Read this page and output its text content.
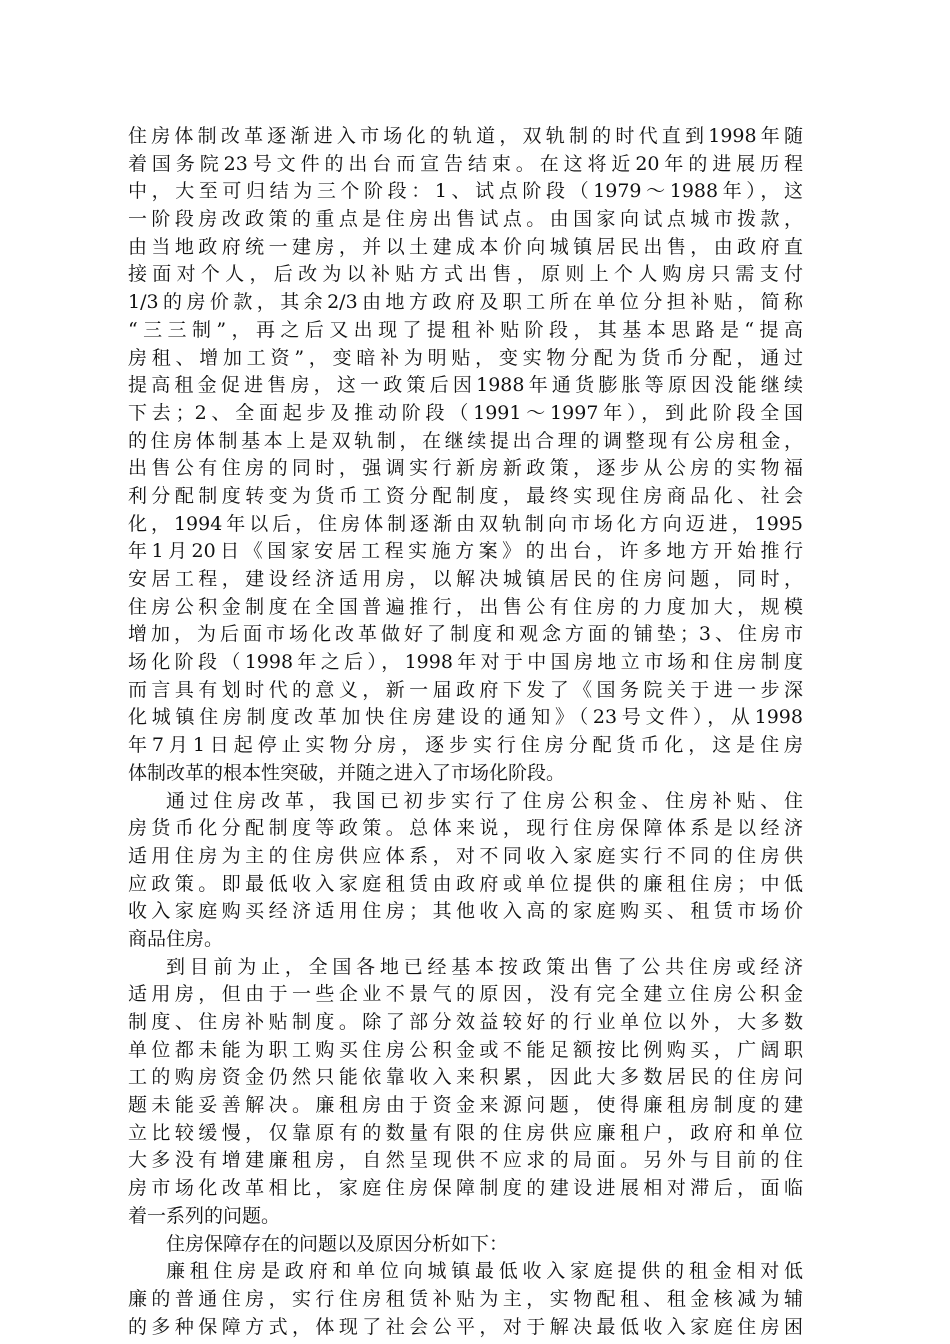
住房体制改革逐渐进入市场化的轨道，双轨制的时代直到1998年随
着国务院23号文件的出台而宣告结束。在这将近20年的进展历程
中，大至可归结为三个阶段：1、试点阶段（1979～1988年），这
一阶段房改政策的重点是住房出售试点。由国家向试点城市拨款，
由当地政府统一建房，并以土建成本价向城镇居民出售，由政府直
接面对个人，后改为以补贴方式出售，原则上个人购房只需支付
1/3的房价款，其余2/3由地方政府及职工所在单位分担补贴，简称
“三三制”，再之后又出现了提租补贴阶段，其基本思路是“提高
房租、增加工资”，变暗补为明贴，变实物分配为货币分配，通过
提高租金促进售房，这一政策后因1988年通货膨胀等原因没能继续
下去；2、全面起步及推动阶段（1991～1997年），到此阶段全国
的住房体制基本上是双轨制，在继续提出合理的调整现有公房租金，
出售公有住房的同时，强调实行新房新政策，逐步从公房的实物福
利分配制度转变为货币工资分配制度，最终实现住房商品化、社会
化，1994年以后，住房体制逐渐由双轨制向市场化方向迈进，1995
年1月20日《国家安居工程实施方案》的出台，许多地方开始推行
安居工程，建设经济适用房，以解决城镇居民的住房问题，同时，
住房公积金制度在全国普遍推行，出售公有住房的力度加大，规模
增加，为后面市场化改革做好了制度和观念方面的铺垫；3、住房市
场化阶段（1998年之后），1998年对于中国房地立市场和住房制度
而言具有划时代的意义，新一届政府下发了《国务院关于进一步深
化城镇住房制度改革加快住房建设的通知》（23号文件），从1998
年7月1日起停止实物分房，逐步实行住房分配货币化，这是住房
体制改革的根本性突破，并随之进入了市场化阶段。
通过住房改革，我国已初步实行了住房公积金、住房补贴、住
房货币化分配制度等政策。总体来说，现行住房保障体系是以经济
适用住房为主的住房供应体系，对不同收入家庭实行不同的住房供
应政策。即最低收入家庭租赁由政府或单位提供的廉租住房；中低
收入家庭购买经济适用住房；其他收入高的家庭购买、租赁市场价
商品住房。
到目前为止，全国各地已经基本按政策出售了公共住房或经济
适用房，但由于一些企业不景气的原因，没有完全建立住房公积金
制度、住房补贴制度。除了部分效益较好的行业单位以外，大多数
单位都未能为职工购买住房公积金或不能足额按比例购买，广阔职
工的购房资金仍然只能依靠收入来积累，因此大多数居民的住房问
题未能妥善解决。廉租房由于资金来源问题，使得廉租房制度的建
立比较缓慢，仅靠原有的数量有限的住房供应廉租户，政府和单位
大多没有增建廉租房，自然呈现供不应求的局面。另外与目前的住
房市场化改革相比，家庭住房保障制度的建设进展相对滞后，面临
着一系列的问题。
住房保障存在的问题以及原因分析如下：
廉租住房是政府和单位向城镇最低收入家庭提供的租金相对低
廉的普通住房，实行住房租赁补贴为主，实物配租、租金核减为辅
的多种保障方式，体现了社会公平，对于解决最低收入家庭住房困
